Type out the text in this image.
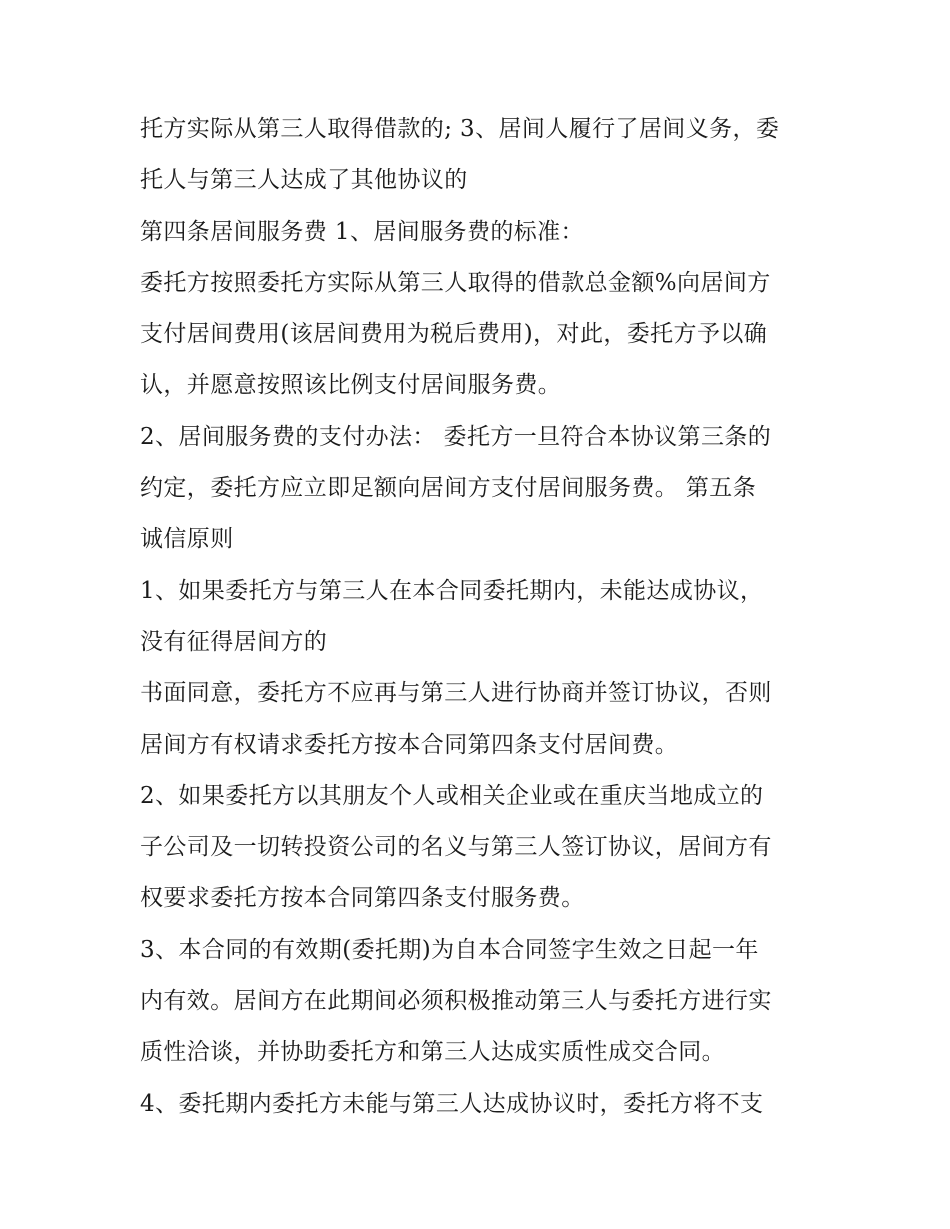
托方实际从第三人取得借款的; 3、居间人履行了居间义务，委
托人与第三人达成了其他协议的
第四条居间服务费 1、居间服务费的标准：
委托方按照委托方实际从第三人取得的借款总金额%向居间方
支付居间费用(该居间费用为税后费用)，对此，委托方予以确
认，并愿意按照该比例支付居间服务费。
2、居间服务费的支付办法： 委托方一旦符合本协议第三条的
约定，委托方应立即足额向居间方支付居间服务费。 第五条
诚信原则
1、如果委托方与第三人在本合同委托期内，未能达成协议，
没有征得居间方的
书面同意，委托方不应再与第三人进行协商并签订协议，否则
居间方有权请求委托方按本合同第四条支付居间费。
2、如果委托方以其朋友个人或相关企业或在重庆当地成立的
子公司及一切转投资公司的名义与第三人签订协议，居间方有
权要求委托方按本合同第四条支付服务费。
3、本合同的有效期(委托期)为自本合同签字生效之日起一年
内有效。居间方在此期间必须积极推动第三人与委托方进行实
质性洽谈，并协助委托方和第三人达成实质性成交合同。
4、委托期内委托方未能与第三人达成协议时，委托方将不支
